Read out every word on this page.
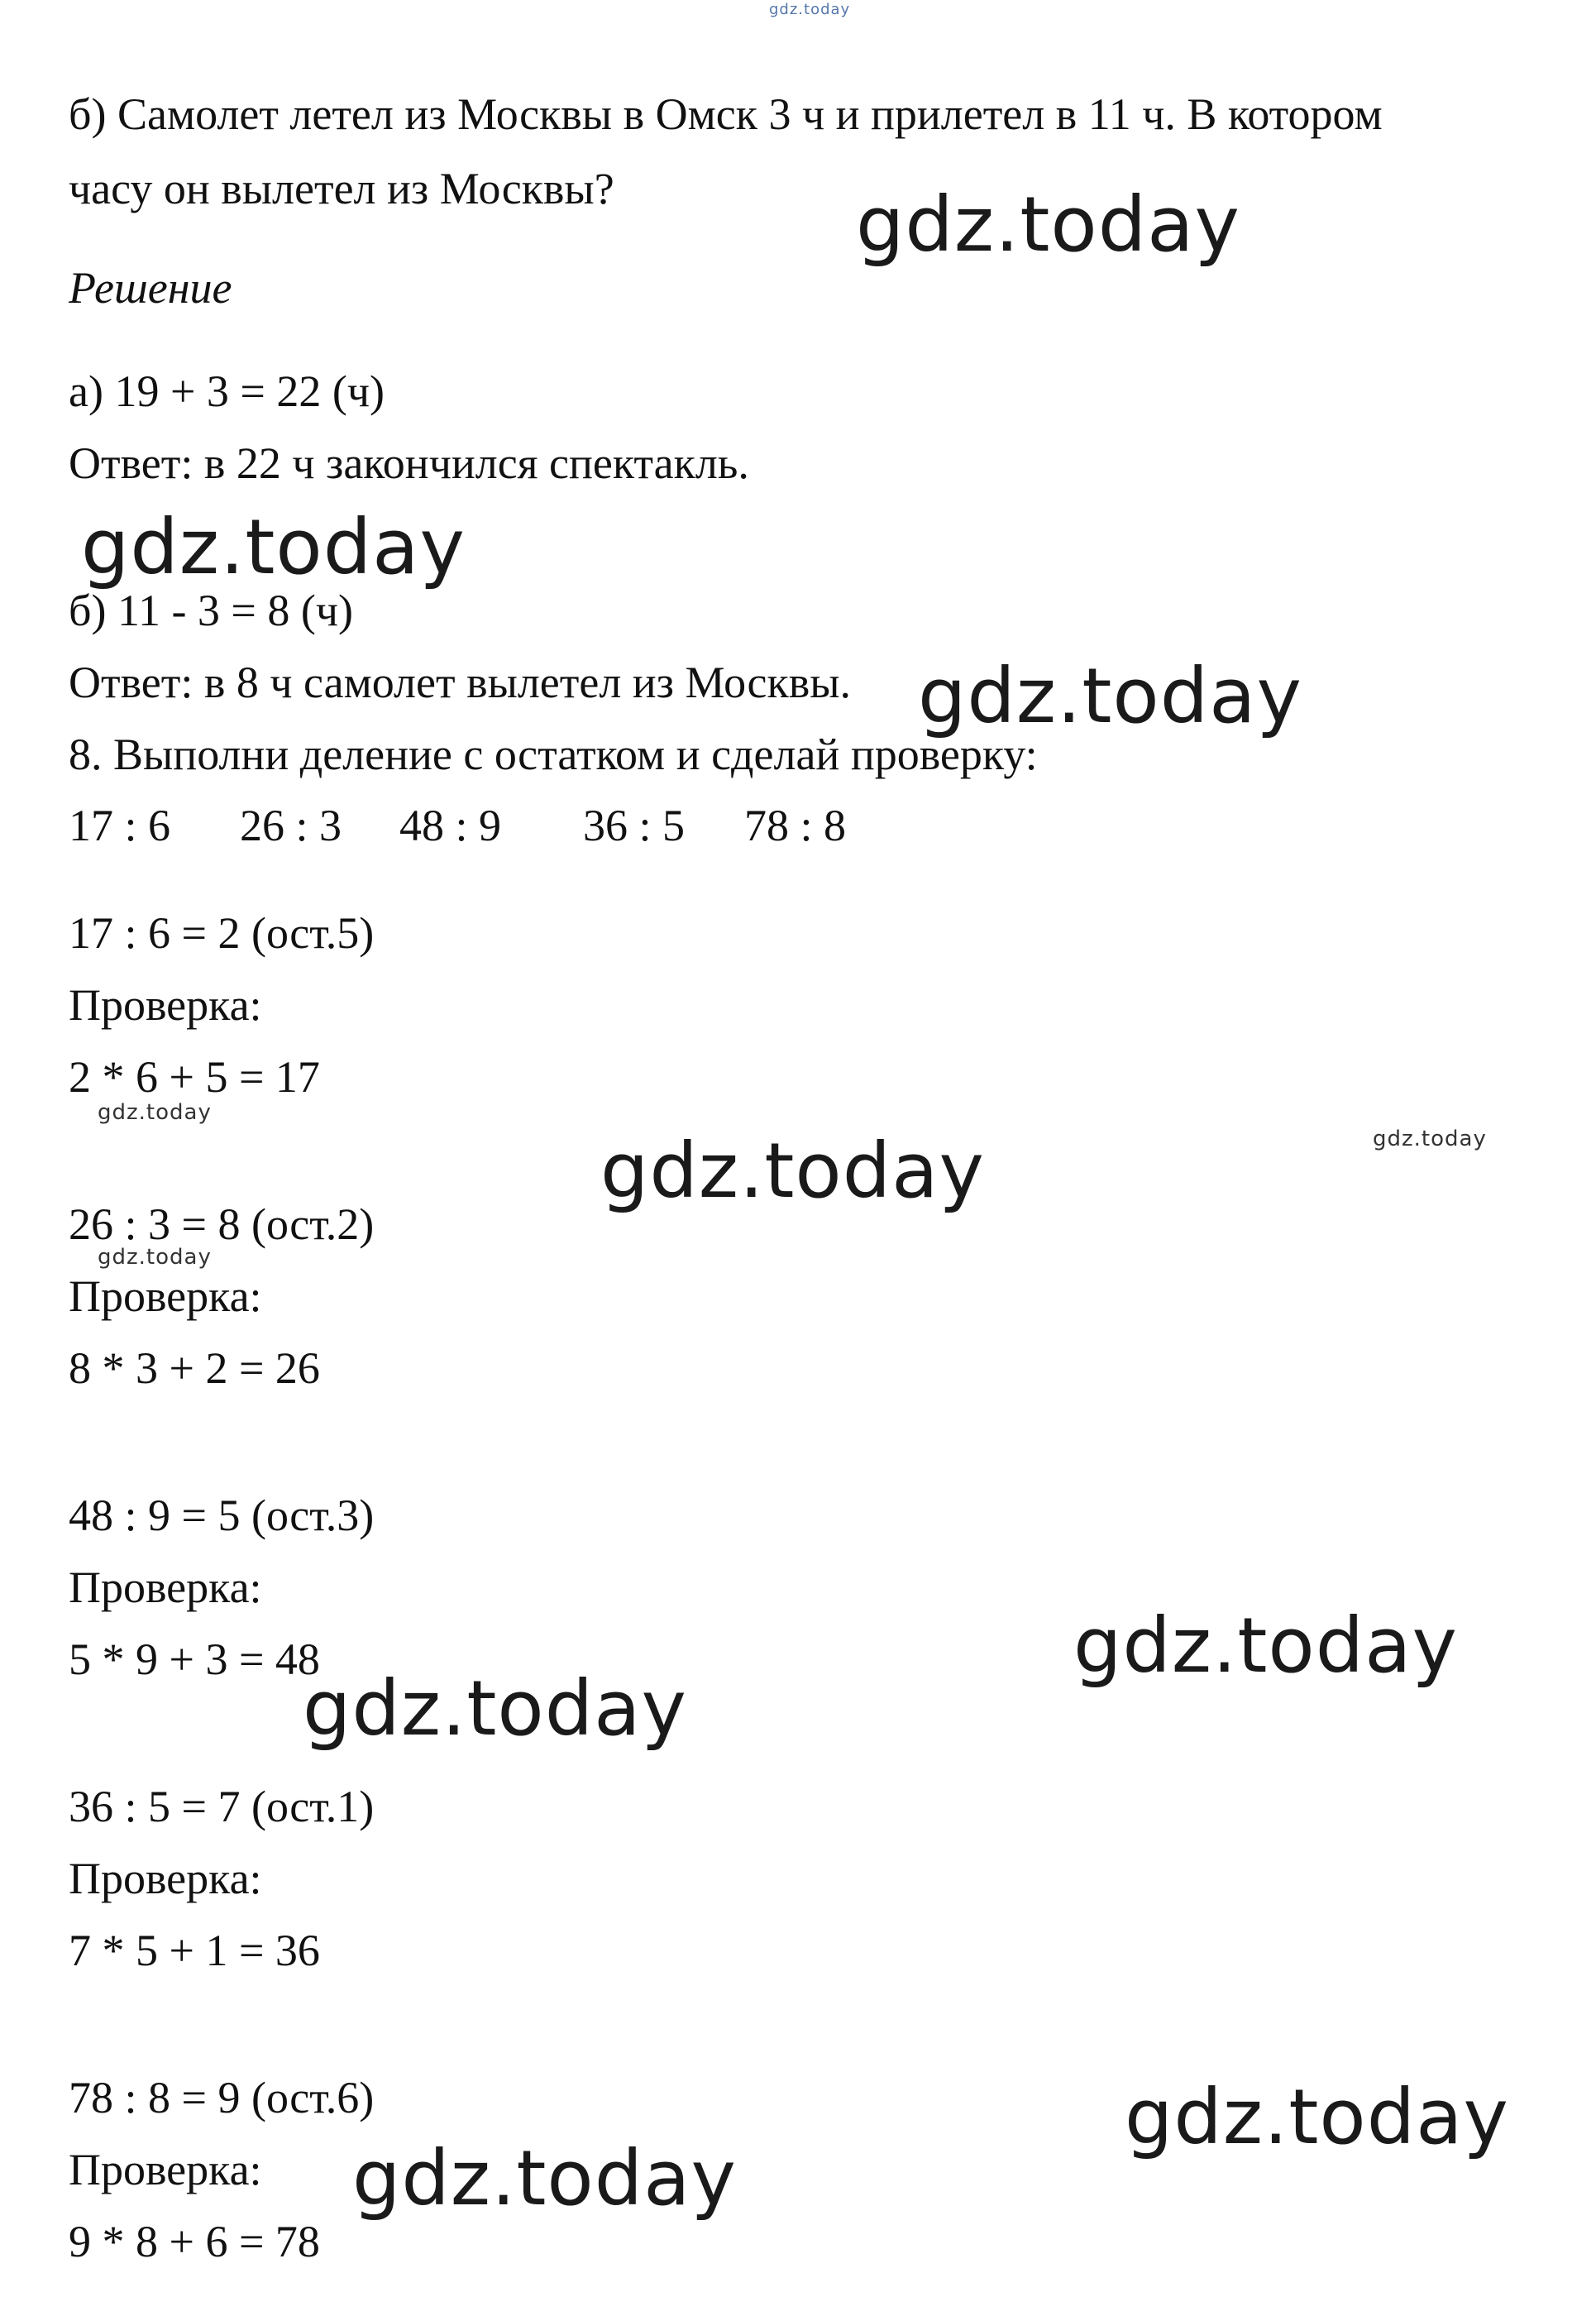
gdz.today
б) Самолет летел из Москвы в Омск 3 ч и прилетел в 11 ч. В котором
часу он вылетел из Москвы?
Решение
а) 19 + 3 = 22 (ч)
Ответ: в 22 ч закончился спектакль.
б) 11 - 3 = 8 (ч)
Ответ: в 8 ч самолет вылетел из Москвы.
8. Выполни деление с остатком и сделай проверку:
17 : 6 26 : 3 48 : 9 36 : 5 78 : 8
17 : 6 = 2 (ост.5)
Проверка:
2 * 6 + 5 = 17
26 : 3 = 8 (ост.2)
Проверка:
8 * 3 + 2 = 26
48 : 9 = 5 (ост.3)
Проверка:
5 * 9 + 3 = 48
36 : 5 = 7 (ост.1)
Проверка:
7 * 5 + 1 = 36
78 : 8 = 9 (ост.6)
Проверка:
9 * 8 + 6 = 78
gdz.today
gdz.today
gdz.today
gdz.today
gdz.today
gdz.today
gdz.today
gdz.today
gdz.today
gdz.today
gdz.today
